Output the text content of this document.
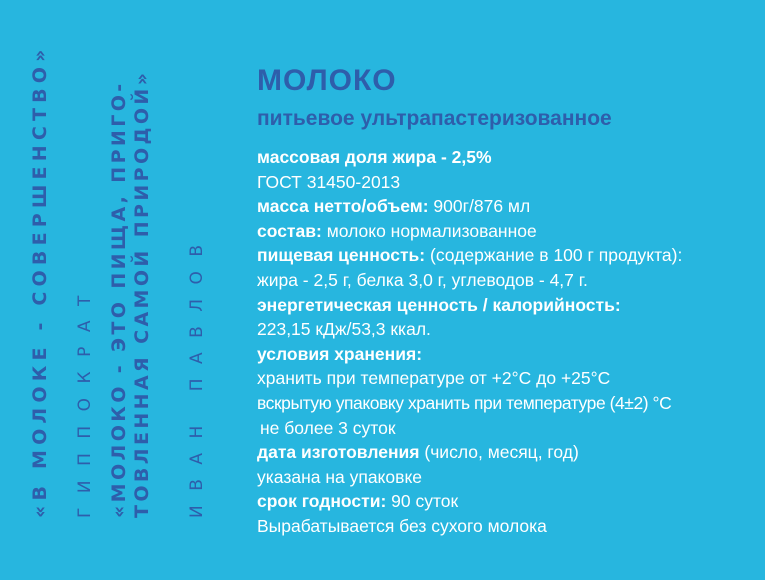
«В МОЛОКЕ - СОВЕРШЕНСТВО» ГИППОКРАТ «МОЛОКО - ЭТО ПИЩА, ПРИГО- ТОВЛЕННАЯ САМОЙ ПРИРОДОЙ» ИВАН ПАВЛОВ
МОЛОКО
питьевое ультрапастеризованное
массовая доля жира - 2,5%
ГОСТ 31450-2013
масса нетто/объем: 900г/876 мл
состав: молоко нормализованное
пищевая ценность: (содержание в 100 г продукта):
жира - 2,5 г, белка 3,0 г, углеводов - 4,7 г.
энергетическая ценность / калорийность:
223,15 кДж/53,3 ккал.
условия хранения:
хранить при температуре от +2°С до +25°С
вскрытую упаковку хранить при температуре (4±2) °С
не более 3 суток
дата изготовления (число, месяц, год)
указана на упаковке
срок годности: 90 суток
Вырабатывается без сухого молока
